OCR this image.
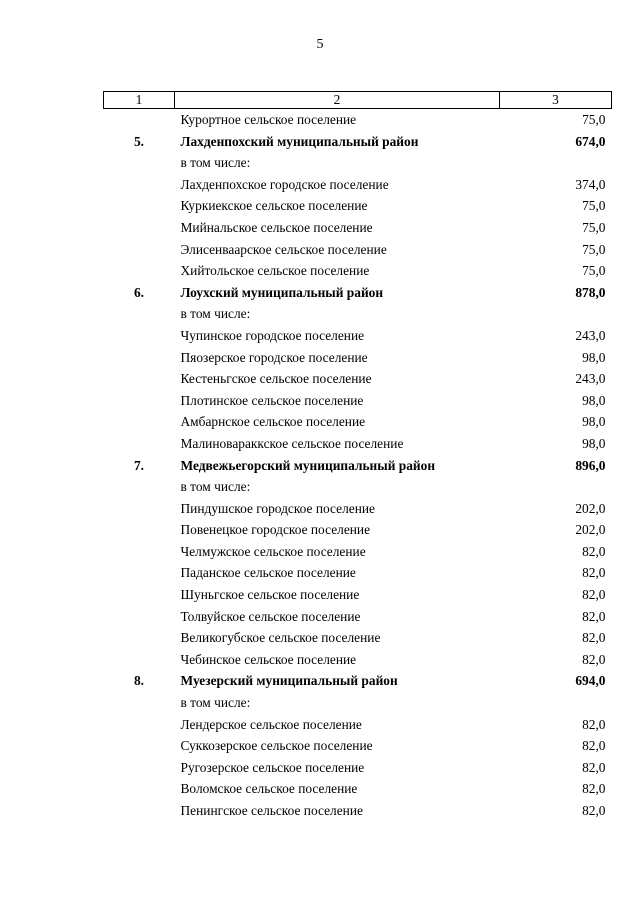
5
1	2	3
	Курортное сельское поселение	75,0
5.	Лахденпохский муниципальный район	674,0
	в том числе:	
	Лахденпохское городское поселение	374,0
	Куркиекское сельское поселение	75,0
	Мийнальское сельское поселение	75,0
	Элисенваарское сельское поселение	75,0
	Хийтольское сельское поселение	75,0
6.	Лоухский муниципальный район	878,0
	в том числе:	
	Чупинское городское поселение	243,0
	Пяозерское городское поселение	98,0
	Кестеньгское сельское поселение	243,0
	Плотинское сельское поселение	98,0
	Амбарнское сельское поселение	98,0
	Малиновараккское сельское поселение	98,0
7.	Медвежьегорский муниципальный район	896,0
	в том числе:	
	Пиндушское городское поселение	202,0
	Повенецкое городское поселение	202,0
	Челмужское сельское поселение	82,0
	Паданское сельское поселение	82,0
	Шуньгское сельское поселение	82,0
	Толвуйское сельское поселение	82,0
	Великогубское сельское поселение	82,0
	Чебинское сельское поселение	82,0
8.	Муезерский муниципальный район	694,0
	в том числе:	
	Лендерское сельское поселение	82,0
	Суккозерское сельское поселение	82,0
	Ругозерское сельское поселение	82,0
	Воломское сельское поселение	82,0
	Пенингское сельское поселение	82,0
